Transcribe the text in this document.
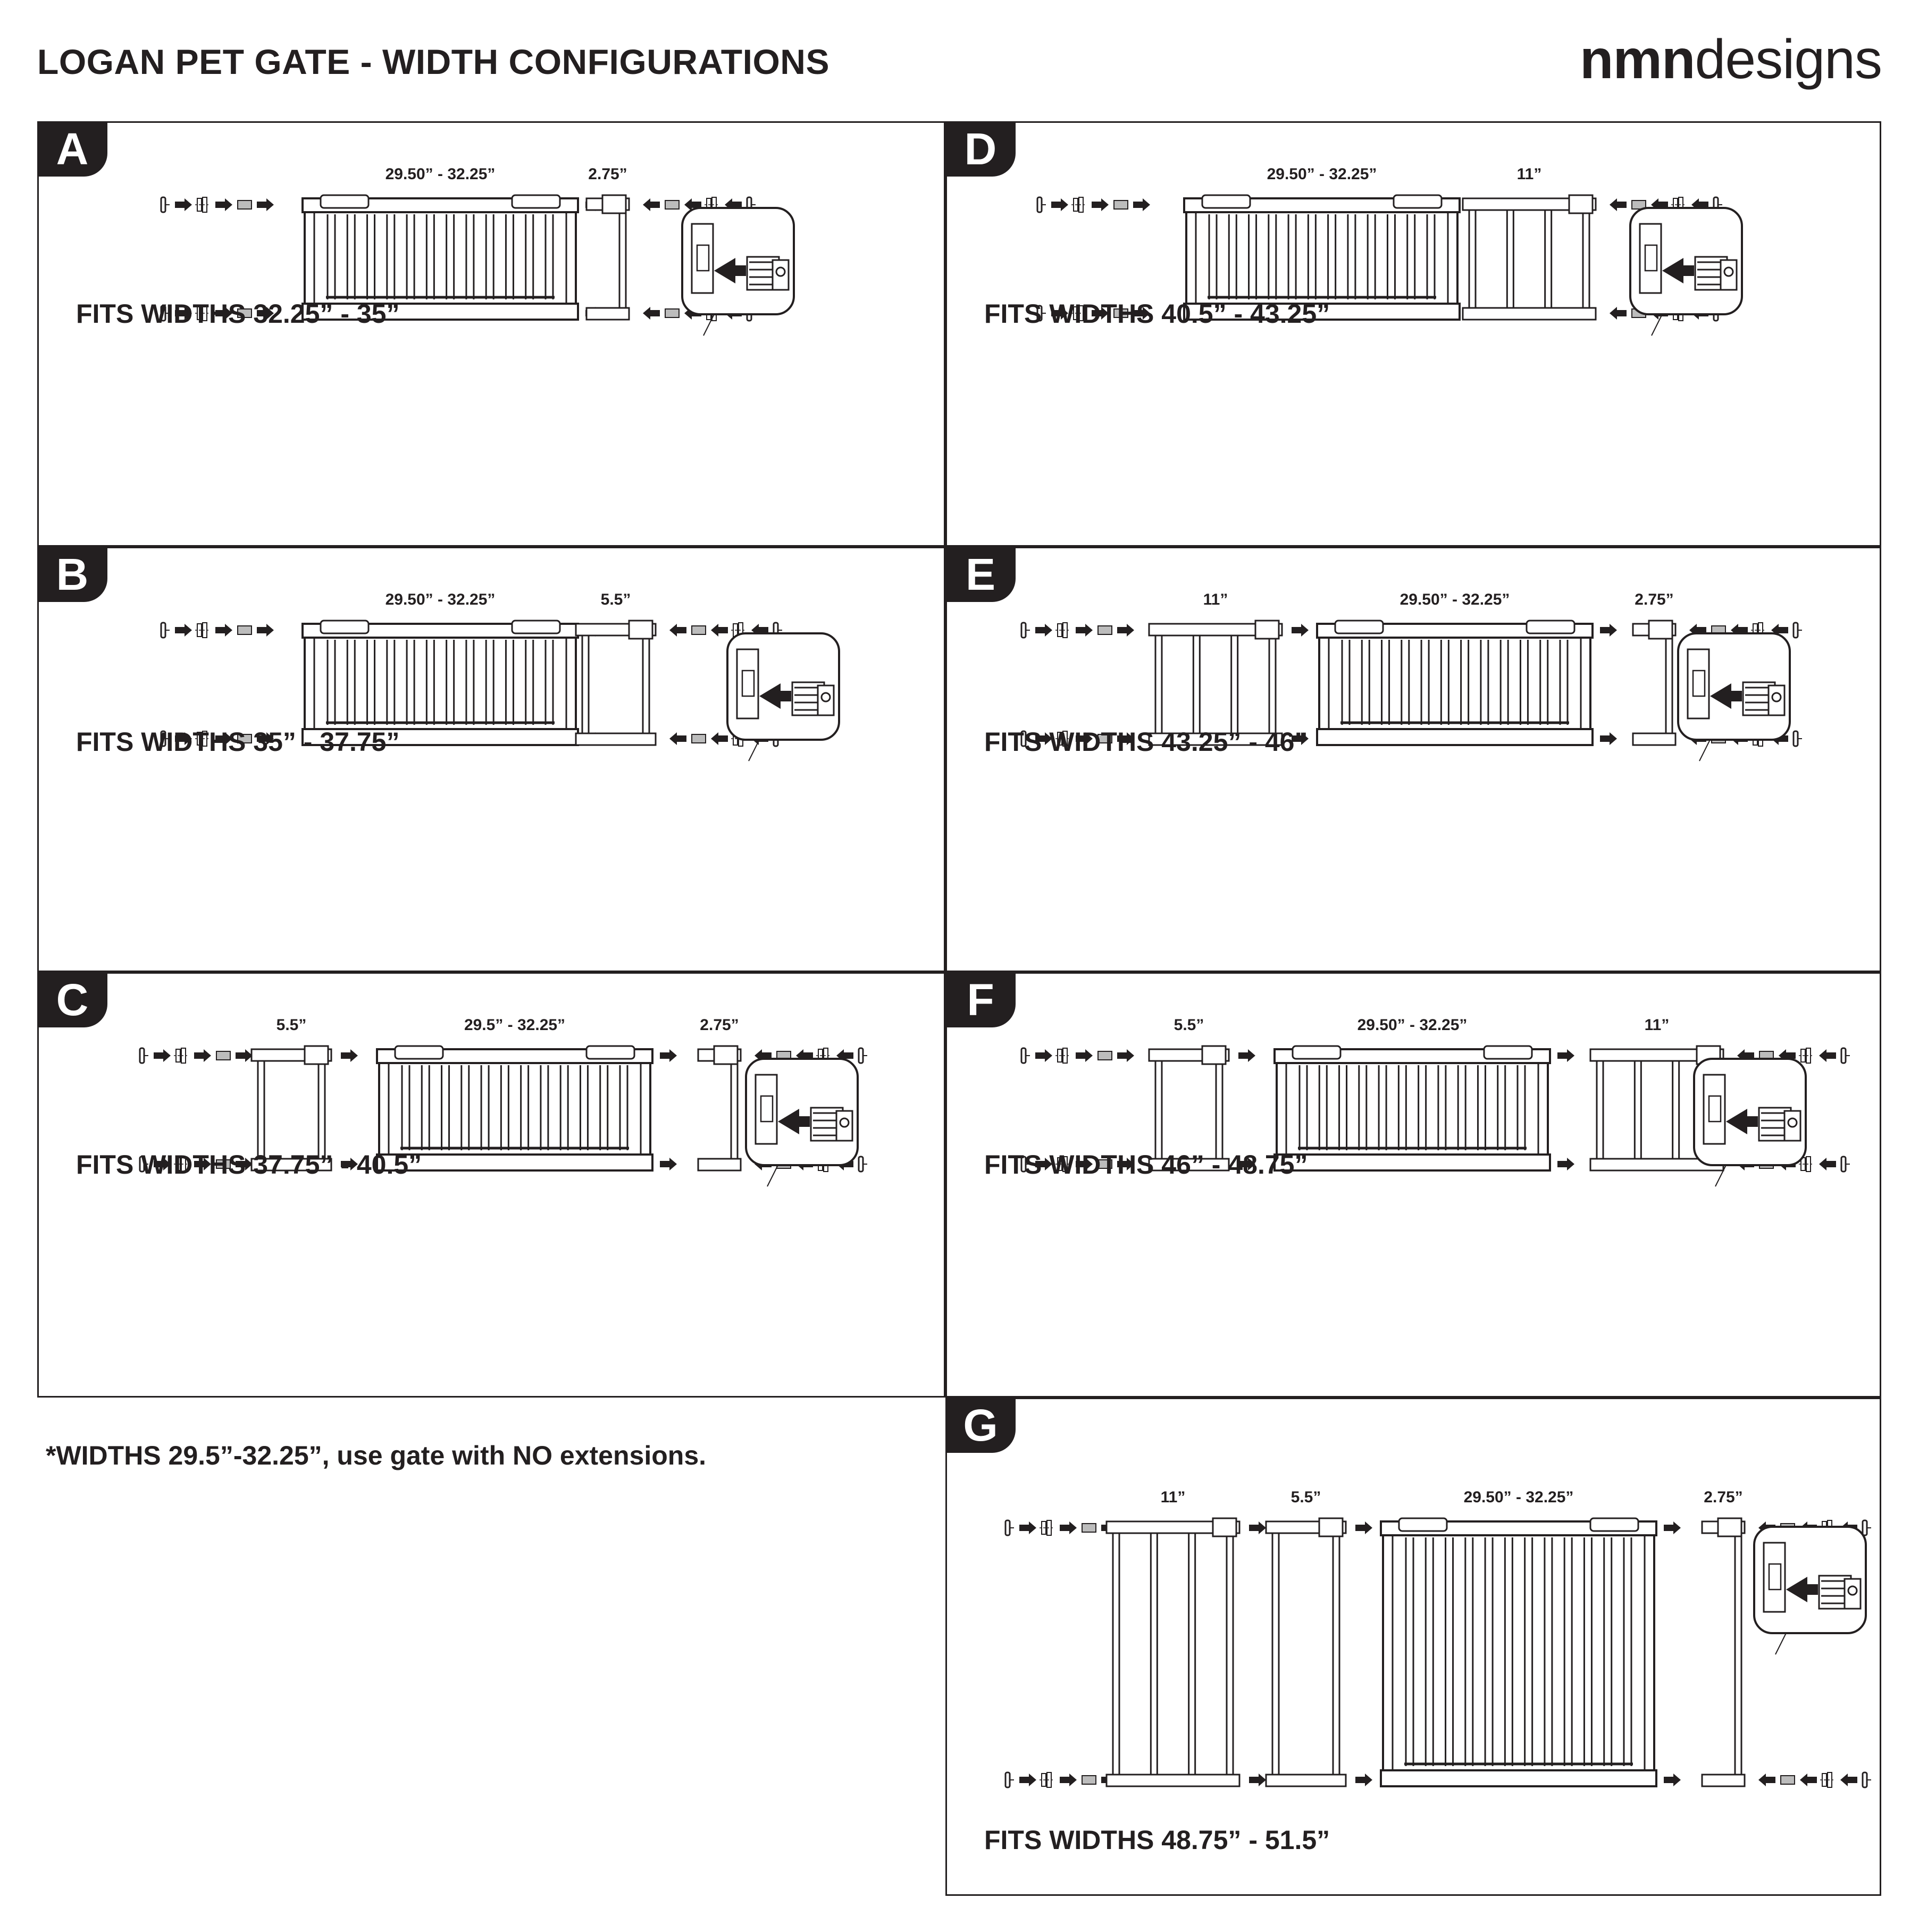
LOGAN PET GATE - WIDTH CONFIGURATIONS	nmndesigns
*WIDTHS 29.5”-32.25”, use gate with NO extensions.
29.50” - 32.25”	2.75”
A
FITS WIDTHS 32.25” - 35”
29.50” - 32.25”	5.5”
B
FITS WIDTHS 35” - 37.75”
5.5”	29.5” - 32.25”	2.75”
C
FITS WIDTHS 37.75” - 40.5”
29.50” - 32.25”	11”
D
FITS WIDTHS 40.5” - 43.25”
11”	29.50” - 32.25”	2.75”
E
FITS WIDTHS 43.25” - 46”
5.5”	29.50” - 32.25”	11”
F
FITS WIDTHS 46” - 48.75”
11”	5.5”	29.50” - 32.25”	2.75”
G
FITS WIDTHS 48.75” - 51.5”
